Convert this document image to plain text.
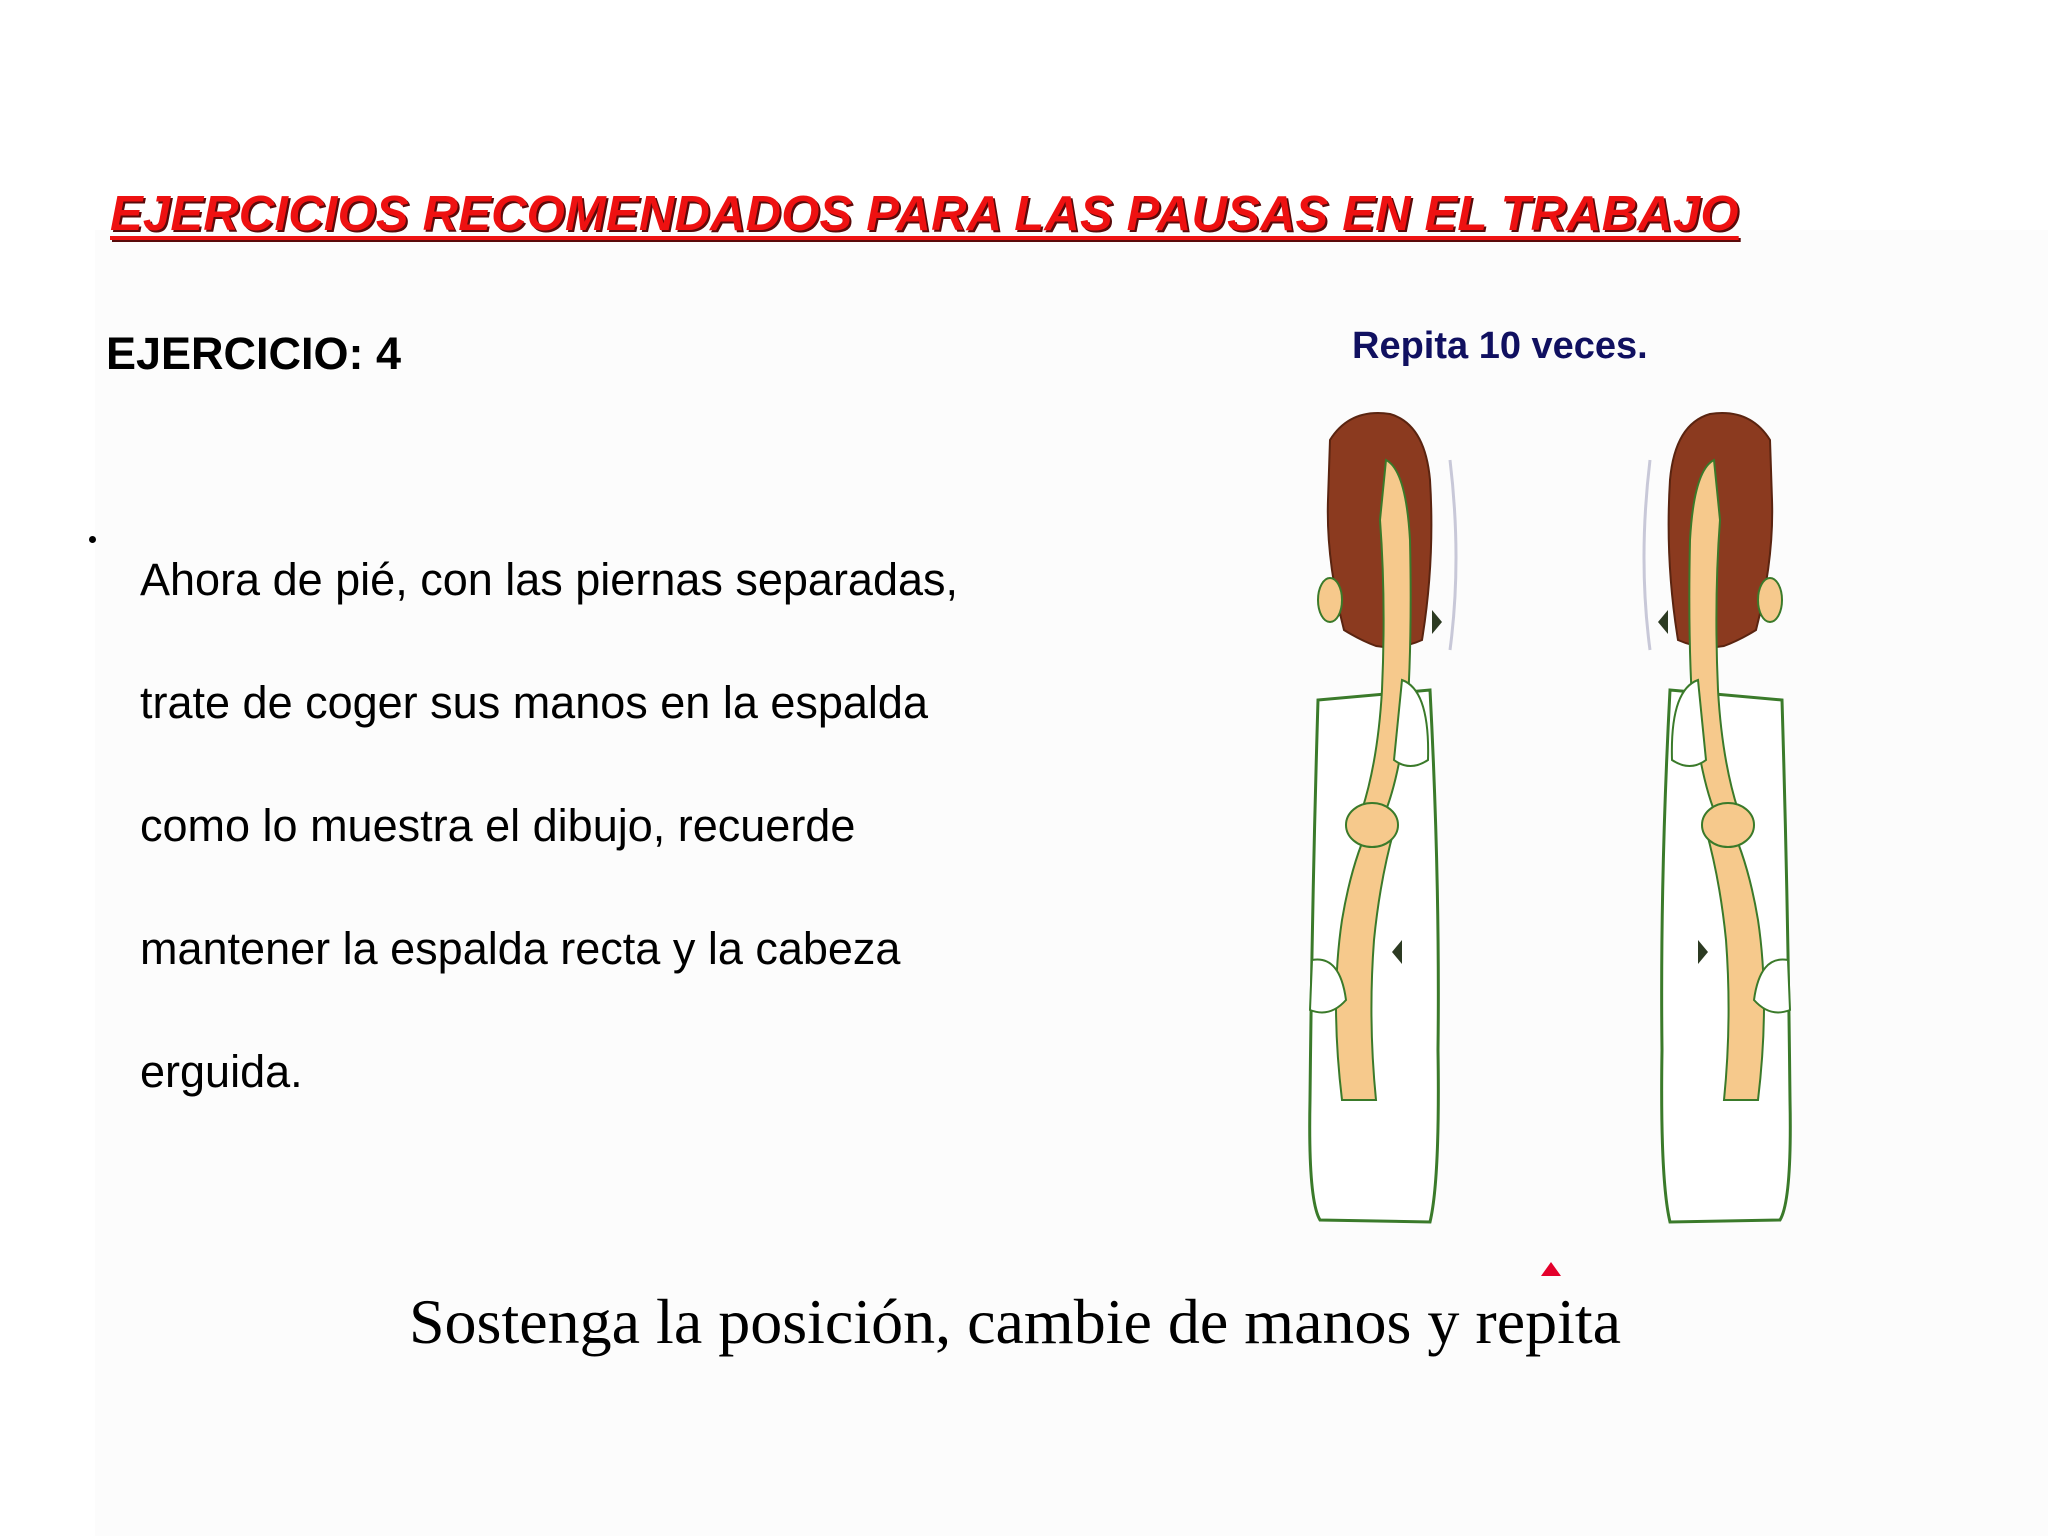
EJERCICIOS RECOMENDADOS PARA LAS PAUSAS EN EL TRABAJO
EJERCICIO: 4	Repita 10 veces.
Ahora de pié, con las piernas separadas,
trate de coger sus manos en la espalda
como lo muestra el dibujo, recuerde
mantener la espalda recta y la cabeza
erguida.
Sostenga la posición, cambie de manos y repita
